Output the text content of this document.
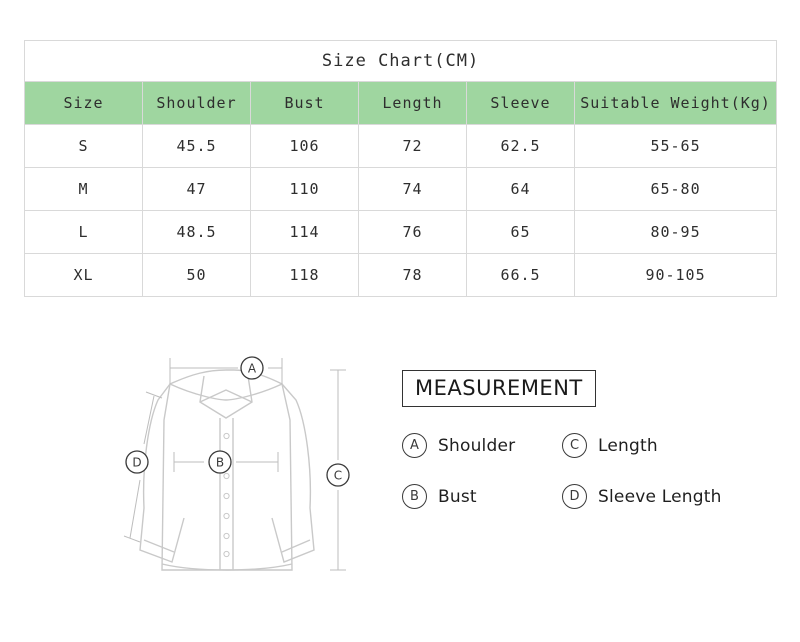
Size Chart(CM)					
Size	Shoulder	Bust	Length	Sleeve	Suitable Weight(Kg)
S	45.5	106	72	62.5	55-65
M	47	110	74	64	65-80
L	48.5	114	76	65	80-95
XL	50	118	78	66.5	90-105
A
B
C
D
MEASUREMENT
A	Shoulder	C	Length
B	Bust	D	Sleeve Length
